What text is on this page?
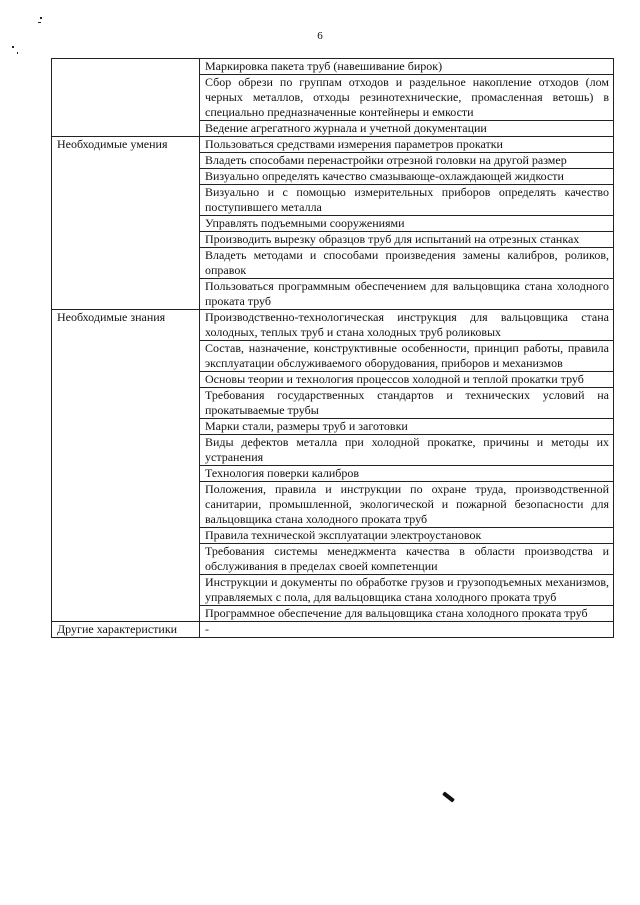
6
	Маркировка пакета труб (навешивание бирок)
	Сбор обрези по группам отходов и раздельное накопление отходов (лом черных металлов, отходы резинотехнические, промасленная ветошь) в специально предназначенные контейнеры и емкости
	Ведение агрегатного журнала и учетной документации
Необходимые умения	Пользоваться средствами измерения параметров прокатки
	Владеть способами перенастройки отрезной головки на другой размер
	Визуально определять качество смазывающе-охлаждающей жидкости
	Визуально и с помощью измерительных приборов определять качество поступившего металла
	Управлять подъемными сооружениями
	Производить вырезку образцов труб для испытаний на отрезных станках
	Владеть методами и способами произведения замены калибров, роликов, оправок
	Пользоваться программным обеспечением для вальцовщика стана холодного проката труб
Необходимые знания	Производственно-технологическая инструкция для вальцовщика стана холодных, теплых труб и стана холодных труб роликовых
	Состав, назначение, конструктивные особенности, принцип работы, правила эксплуатации обслуживаемого оборудования, приборов и механизмов
	Основы теории и технология процессов холодной и теплой прокатки труб
	Требования государственных стандартов и технических условий на прокатываемые трубы
	Марки стали, размеры труб и заготовки
	Виды дефектов металла при холодной прокатке, причины и методы их устранения
	Технология поверки калибров
	Положения, правила и инструкции по охране труда, производственной санитарии, промышленной, экологической и пожарной безопасности для вальцовщика стана холодного проката труб
	Правила технической эксплуатации электроустановок
	Требования системы менеджмента качества в области производства и обслуживания в пределах своей компетенции
	Инструкции и документы по обработке грузов и грузоподъемных механизмов, управляемых с пола, для вальцовщика стана холодного проката труб
	Программное обеспечение для вальцовщика стана холодного проката труб
Другие характеристики	-
